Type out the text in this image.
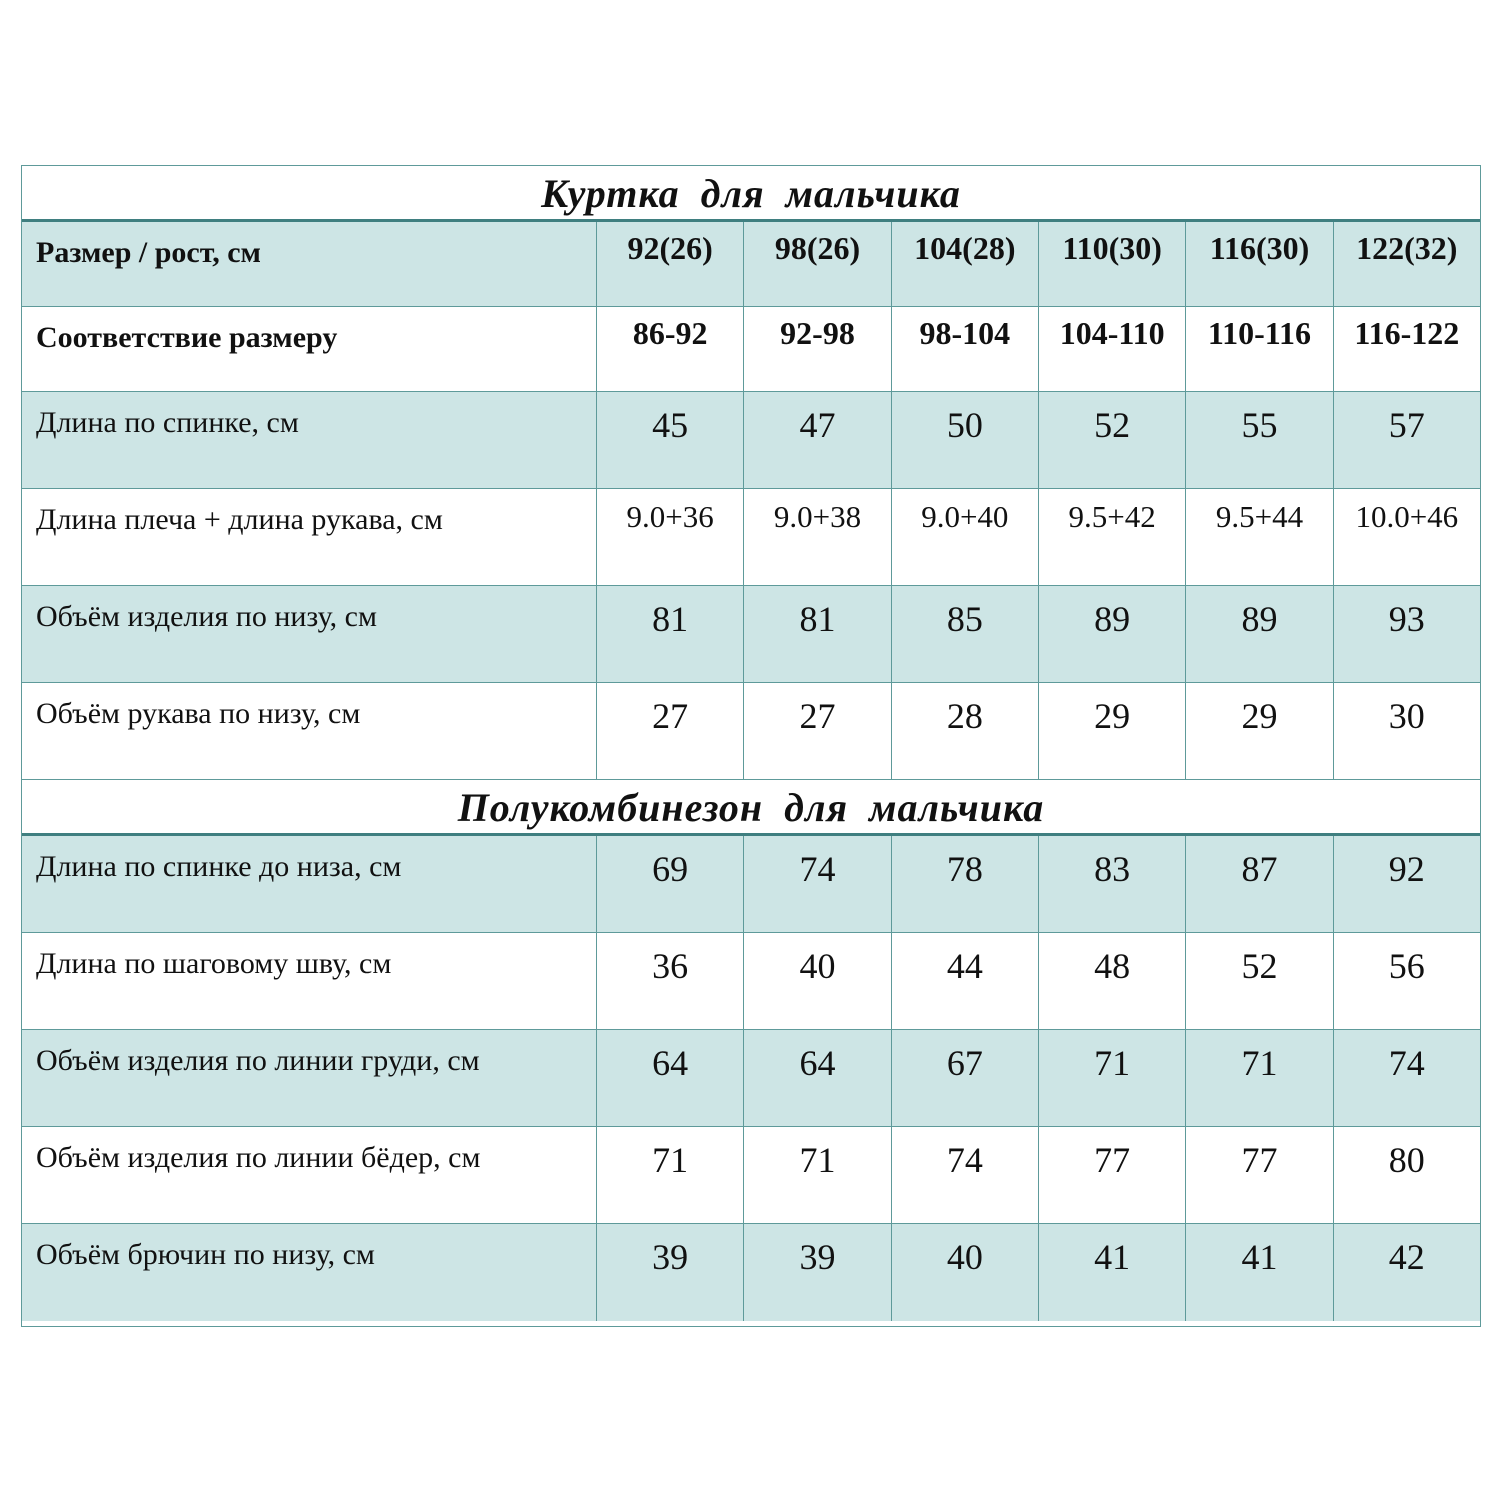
Куртка для мальчика
Размер / рост, см	92(26)	98(26)	104(28)	110(30)	116(30)	122(32)
Соответствие размеру	86-92	92-98	98-104	104-110	110-116	116-122
Длина по спинке, см	45	47	50	52	55	57
Длина плеча + длина рукава, см	9.0+36	9.0+38	9.0+40	9.5+42	9.5+44	10.0+46
Объём изделия по низу, см	81	81	85	89	89	93
Объём рукава по низу, см	27	27	28	29	29	30
Полукомбинезон для мальчика
Длина по спинке до низа, см	69	74	78	83	87	92
Длина по шаговому шву, см	36	40	44	48	52	56
Объём изделия по линии груди, см	64	64	67	71	71	74
Объём изделия по линии бёдер, см	71	71	74	77	77	80
Объём брючин по низу, см	39	39	40	41	41	42
